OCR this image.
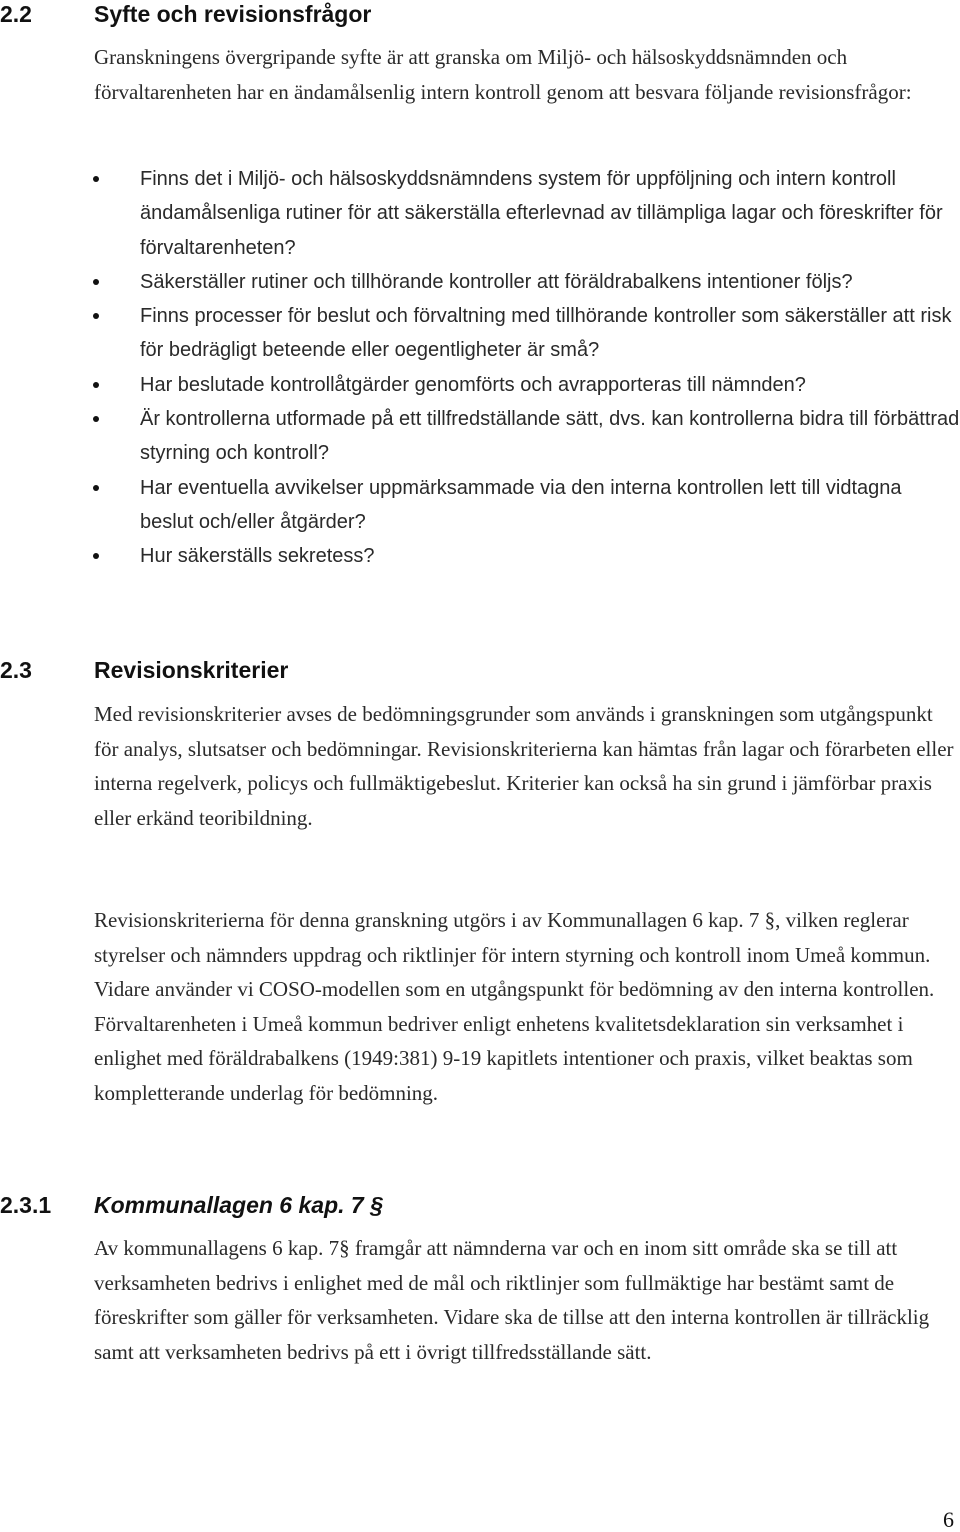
2.2	Syfte och revisionsfrågor

Granskningens övergripande syfte är att granska om Miljö- och hälsoskyddsnämnden och förvaltarenheten har en ändamålsenlig intern kontroll genom att besvara följande revisionsfrågor:

Finns det i Miljö- och hälsoskyddsnämndens system för uppföljning och intern kontroll ändamålsenliga rutiner för att säkerställa efterlevnad av tillämpliga lagar och föreskrifter för förvaltarenheten?
Säkerställer rutiner och tillhörande kontroller att föräldrabalkens intentioner följs?
Finns processer för beslut och förvaltning med tillhörande kontroller som säkerställer att risk för bedrägligt beteende eller oegentligheter är små?
Har beslutade kontrollåtgärder genomförts och avrapporteras till nämnden?
Är kontrollerna utformade på ett tillfredställande sätt, dvs. kan kontrollerna bidra till förbättrad styrning och kontroll?
Har eventuella avvikelser uppmärksammade via den interna kontrollen lett till vidtagna beslut och/eller åtgärder?
Hur säkerställs sekretess?
2.3	Revisionskriterier

Med revisionskriterier avses de bedömningsgrunder som används i granskningen som utgångspunkt för analys, slutsatser och bedömningar. Revisionskriterierna kan hämtas från lagar och förarbeten eller interna regelverk, policys och fullmäktigebeslut. Kriterier kan också ha sin grund i jämförbar praxis eller erkänd teoribildning.

Revisionskriterierna för denna granskning utgörs i av Kommunallagen 6 kap. 7 §, vilken reglerar styrelser och nämnders uppdrag och riktlinjer för intern styrning och kontroll inom Umeå kommun. Vidare använder vi COSO-modellen som en utgångspunkt för bedömning av den interna kontrollen. Förvaltarenheten i Umeå kommun bedriver enligt enhetens kvalitetsdeklaration sin verksamhet i enlighet med föräldrabalkens (1949:381) 9-19 kapitlets intentioner och praxis, vilket beaktas som kompletterande underlag för bedömning.

2.3.1 Kommunallagen 6 kap. 7 §

Av kommunallagens 6 kap. 7§ framgår att nämnderna var och en inom sitt område ska se till att verksamheten bedrivs i enlighet med de mål och riktlinjer som fullmäktige har bestämt samt de föreskrifter som gäller för verksamheten. Vidare ska de tillse att den interna kontrollen är tillräcklig samt att verksamheten bedrivs på ett i övrigt tillfredsställande sätt.

6
